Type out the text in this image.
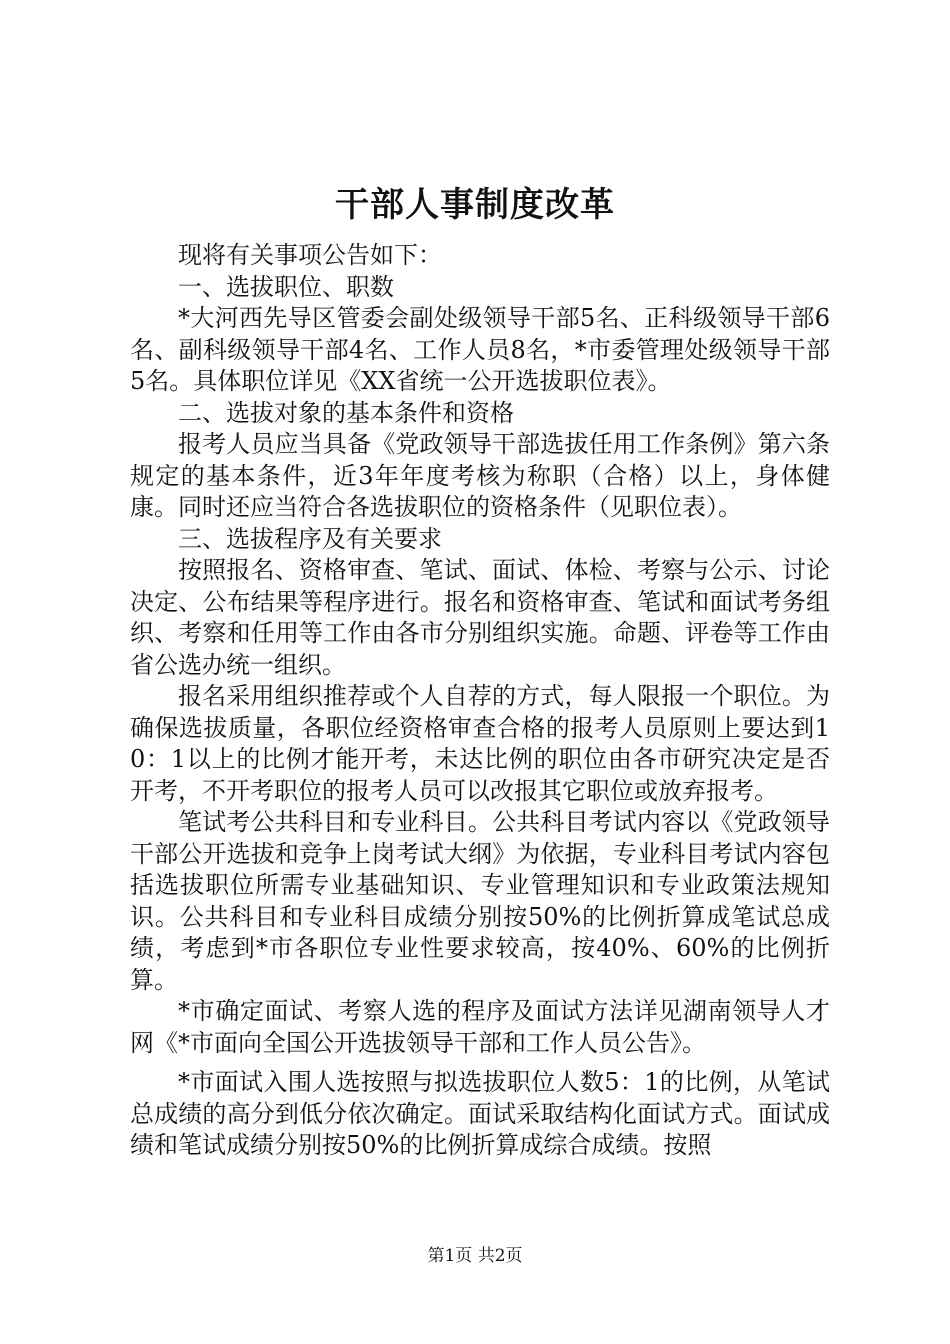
干部人事制度改革

现将有关事项公告如下：

一、选拔职位、职数

*大河西先导区管委会副处级领导干部5名、正科级领导干部6名、副科级领导干部4名、工作人员8名，*市委管理处级领导干部5名。具体职位详见《XX省统一公开选拔职位表》。

二、选拔对象的基本条件和资格

报考人员应当具备《党政领导干部选拔任用工作条例》第六条规定的基本条件，近3年年度考核为称职（合格）以上，身体健康。同时还应当符合各选拔职位的资格条件（见职位表）。

三、选拔程序及有关要求

按照报名、资格审查、笔试、面试、体检、考察与公示、讨论决定、公布结果等程序进行。报名和资格审查、笔试和面试考务组织、考察和任用等工作由各市分别组织实施。命题、评卷等工作由省公选办统一组织。

报名采用组织推荐或个人自荐的方式，每人限报一个职位。为确保选拔质量，各职位经资格审查合格的报考人员原则上要达到10：1以上的比例才能开考，未达比例的职位由各市研究决定是否开考，不开考职位的报考人员可以改报其它职位或放弃报考。

笔试考公共科目和专业科目。公共科目考试内容以《党政领导干部公开选拔和竞争上岗考试大纲》为依据，专业科目考试内容包括选拔职位所需专业基础知识、专业管理知识和专业政策法规知识。公共科目和专业科目成绩分别按50%的比例折算成笔试总成绩，考虑到*市各职位专业性要求较高，按40%、60%的比例折算。

*市确定面试、考察人选的程序及面试方法详见湖南领导人才网《*市面向全国公开选拔领导干部和工作人员公告》。

*市面试入围人选按照与拟选拔职位人数5：1的比例，从笔试总成绩的高分到低分依次确定。面试采取结构化面试方式。面试成绩和笔试成绩分别按50%的比例折算成综合成绩。按照

第1页 共2页
